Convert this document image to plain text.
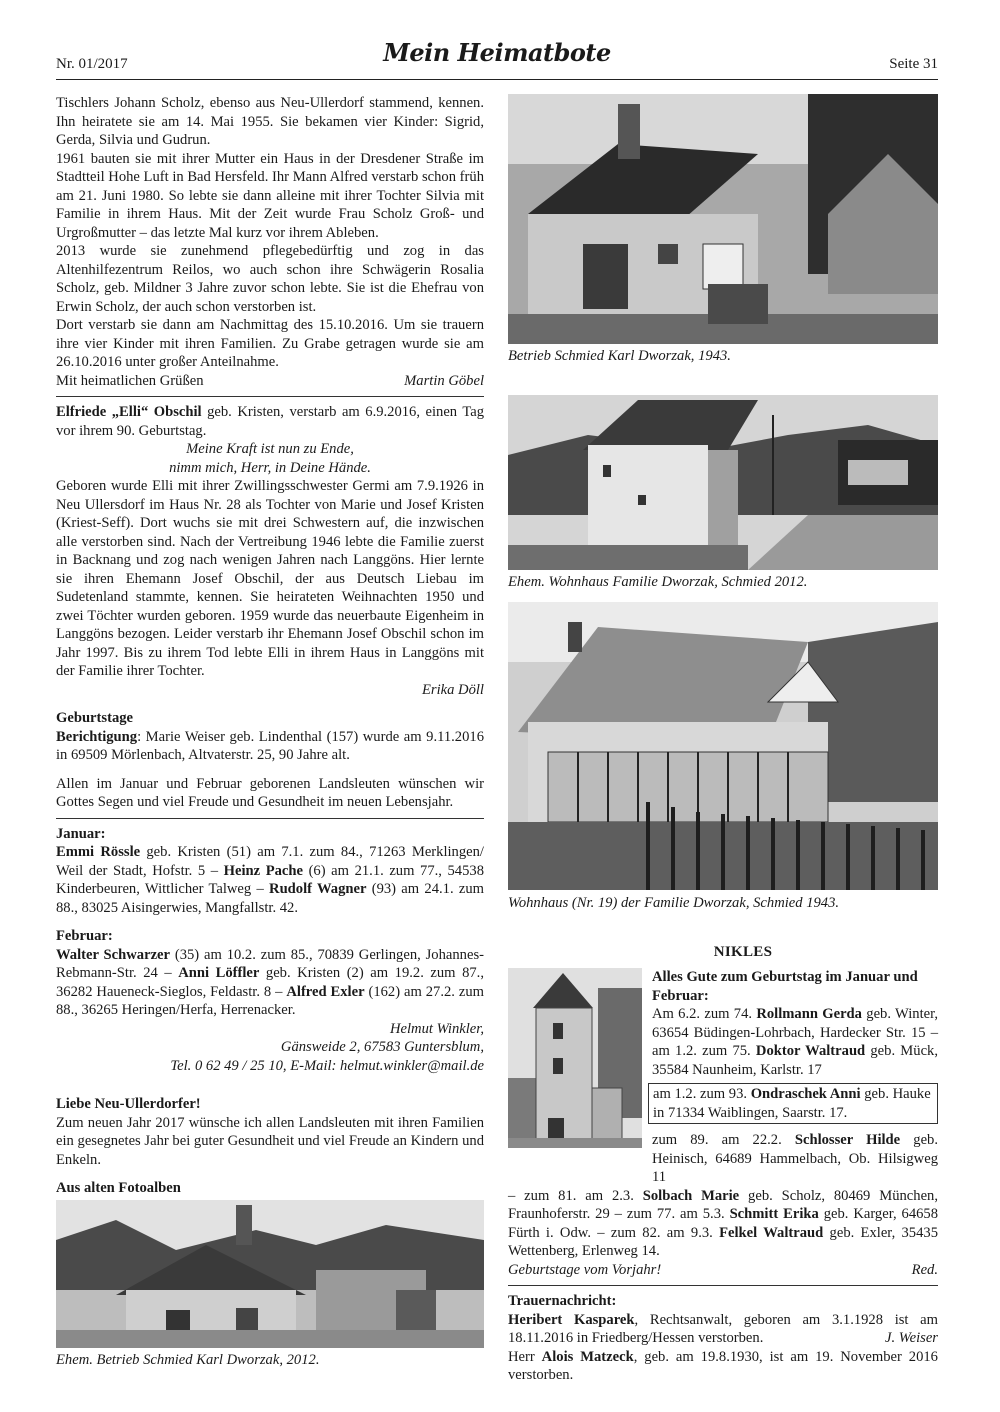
Nr. 01/2017	Mein Heimatbote	Seite 31

Tischlers Johann Scholz, ebenso aus Neu-Ullerdorf stammend, kennen. Ihn heiratete sie am 14. Mai 1955. Sie bekamen vier Kinder: Sigrid, Gerda, Silvia und Gudrun.

1961 bauten sie mit ihrer Mutter ein Haus in der Dresdener Straße im Stadtteil Hohe Luft in Bad Hersfeld. Ihr Mann Alfred verstarb schon früh am 21. Juni 1980. So lebte sie dann alleine mit ihrer Tochter Silvia mit Familie in ihrem Haus. Mit der Zeit wurde Frau Scholz Groß- und Urgroßmutter – das letzte Mal kurz vor ihrem Ableben.

2013 wurde sie zunehmend pflegebedürftig und zog in das Altenhilfezentrum Reilos, wo auch schon ihre Schwägerin Rosalia Scholz, geb. Mildner 3 Jahre zuvor schon lebte. Sie ist die Ehefrau von Erwin Scholz, der auch schon verstorben ist.

Dort verstarb sie dann am Nachmittag des 15.10.2016. Um sie trauern ihre vier Kinder mit ihren Familien. Zu Grabe getragen wurde sie am 26.10.2016 unter großer Anteilnahme.

Mit heimatlichen Grüßen	Martin Göbel

Elfriede „Elli“ Obschil geb. Kristen, verstarb am 6.9.2016, einen Tag vor ihrem 90. Geburtstag.

Meine Kraft ist nun zu Ende,

nimm mich, Herr, in Deine Hände.

Geboren wurde Elli mit ihrer Zwillingsschwester Germi am 7.9.1926 in Neu Ullersdorf im Haus Nr. 28 als Tochter von Marie und Josef Kristen (Kriest-Seff). Dort wuchs sie mit drei Schwestern auf, die inzwischen alle verstorben sind. Nach der Vertreibung 1946 lebte die Familie zuerst in Backnang und zog nach wenigen Jahren nach Langgöns. Hier lernte sie ihren Ehemann Josef Obschil, der aus Deutsch Liebau im Sudetenland stammte, kennen. Sie heirateten Weihnachten 1950 und zwei Töchter wurden geboren. 1959 wurde das neuerbaute Eigenheim in Langgöns bezogen. Leider verstarb ihr Ehemann Josef Obschil schon im Jahr 1997. Bis zu ihrem Tod lebte Elli in ihrem Haus in Langgöns mit der Familie ihrer Tochter.

Erika Döll

Geburtstage

Berichtigung: Marie Weiser geb. Lindenthal (157) wurde am 9.11.2016 in 69509 Mörlenbach, Altvaterstr. 25, 90 Jahre alt.

Allen im Januar und Februar geborenen Landsleuten wünschen wir Gottes Segen und viel Freude und Gesundheit im neuen Lebensjahr.

Januar:

Emmi Rössle geb. Kristen (51) am 7.1. zum 84., 71263 Merklingen/ Weil der Stadt, Hofstr. 5 – Heinz Pache (6) am 21.1. zum 77., 54538 Kinderbeuren, Wittlicher Talweg – Rudolf Wagner (93) am 24.1. zum 88., 83025 Aisingerwies, Mangfallstr. 42.

Februar:

Walter Schwarzer (35) am 10.2. zum 85., 70839 Gerlingen, Johannes-Rebmann-Str. 24 – Anni Löffler geb. Kristen (2) am 19.2. zum 87., 36282 Haueneck-Sieglos, Feldastr. 8 – Alfred Exler (162) am 27.2. zum 88., 36265 Heringen/Herfa, Herrenacker.

Helmut Winkler,

Gänsweide 2, 67583 Guntersblum,

Tel. 0 62 49 / 25 10, E-Mail: helmut.winkler@mail.de

Liebe Neu-Ullerdorfer!

Zum neuen Jahr 2017 wünsche ich allen Landsleuten mit ihren Familien ein gesegnetes Jahr bei guter Gesundheit und viel Freude an Kindern und Enkeln.

Aus alten Fotoalben

Ehem. Betrieb Schmied Karl Dworzak, 2012.
Betrieb Schmied Karl Dworzak, 1943.
Ehem. Wohnhaus Familie Dworzak, Schmied 2012.
Wohnhaus (Nr. 19) der Familie Dworzak, Schmied 1943.
NIKLES

Alles Gute zum Geburtstag im Januar und Februar:

Am 6.2. zum 74. Rollmann Gerda geb. Winter, 63654 Büdingen-Lohrbach, Hardecker Str. 15 – am 1.2. zum 75. Doktor Waltraud geb. Mück, 35584 Naunheim, Karlstr. 17

am 1.2. zum 93. Ondraschek Anni geb. Hauke in 71334 Waiblingen, Saarstr. 17.

zum 89. am 22.2. Schlosser Hilde geb. Heinisch, 64689 Hammelbach, Ob. Hilsigweg 11

– zum 81. am 2.3. Solbach Marie geb. Scholz, 80469 München, Fraunhoferstr. 29 – zum 77. am 5.3. Schmitt Erika geb. Karger, 64658 Fürth i. Odw. – zum 82. am 9.3. Felkel Waltraud geb. Exler, 35435 Wettenberg, Erlenweg 14.

Geburtstage vom Vorjahr!	Red.

Trauernachricht:

Heribert Kasparek, Rechtsanwalt, geboren am 3.1.1928 ist am 18.11.2016 in Friedberg/Hessen verstorben.	J. Weiser

Herr Alois Matzeck, geb. am 19.8.1930, ist am 19. November 2016 verstorben.
